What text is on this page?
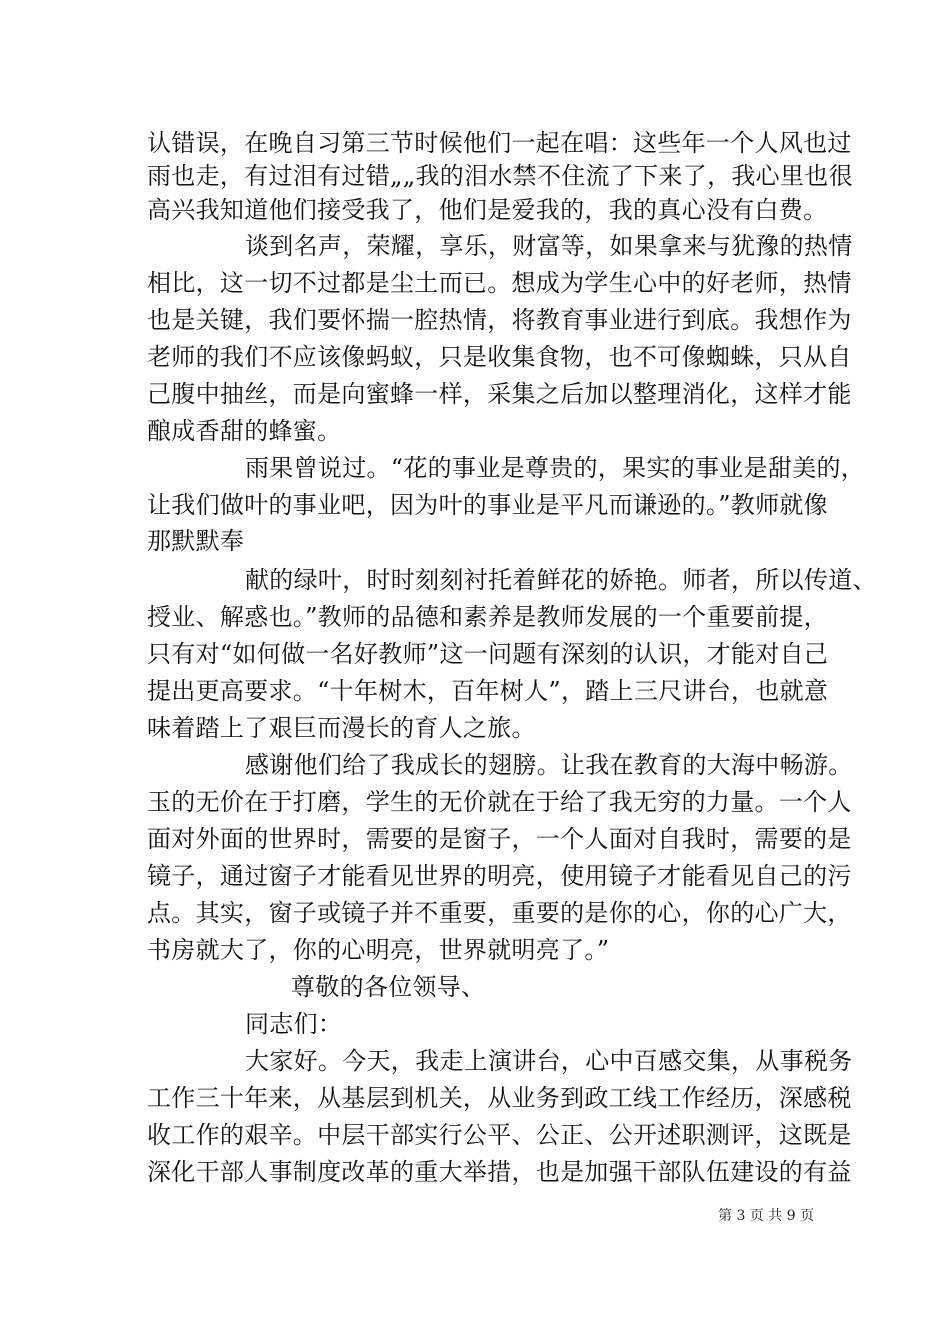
认错误，在晚自习第三节时候他们一起在唱：这些年一个人风也过
雨也走，有过泪有过错„„我的泪水禁不住流了下来了，我心里也很
高兴我知道他们接受我了，他们是爱我的，我的真心没有白费。
谈到名声，荣耀，享乐，财富等，如果拿来与犹豫的热情
相比，这一切不过都是尘土而已。想成为学生心中的好老师，热情
也是关键，我们要怀揣一腔热情，将教育事业进行到底。我想作为
老师的我们不应该像蚂蚁，只是收集食物，也不可像蜘蛛，只从自
己腹中抽丝，而是向蜜蜂一样，采集之后加以整理消化，这样才能
酿成香甜的蜂蜜。
雨果曾说过。“花的事业是尊贵的，果实的事业是甜美的，
让我们做叶的事业吧，因为叶的事业是平凡而谦逊的。”教师就像
那默默奉
献的绿叶，时时刻刻衬托着鲜花的娇艳。师者，所以传道、
授业、解惑也。”教师的品德和素养是教师发展的一个重要前提，
只有对“如何做一名好教师”这一问题有深刻的认识，才能对自己
提出更高要求。“十年树木，百年树人”，踏上三尺讲台，也就意
味着踏上了艰巨而漫长的育人之旅。
感谢他们给了我成长的翅膀。让我在教育的大海中畅游。
玉的无价在于打磨，学生的无价就在于给了我无穷的力量。一个人
面对外面的世界时，需要的是窗子，一个人面对自我时，需要的是
镜子，通过窗子才能看见世界的明亮，使用镜子才能看见自己的污
点。其实，窗子或镜子并不重要，重要的是你的心，你的心广大，
书房就大了，你的心明亮，世界就明亮了。”
尊敬的各位领导、
同志们：
大家好。今天，我走上演讲台，心中百感交集，从事税务
工作三十年来，从基层到机关，从业务到政工线工作经历，深感税
收工作的艰辛。中层干部实行公平、公正、公开述职测评，这既是
深化干部人事制度改革的重大举措，也是加强干部队伍建设的有益
第 3 页 共 9 页
